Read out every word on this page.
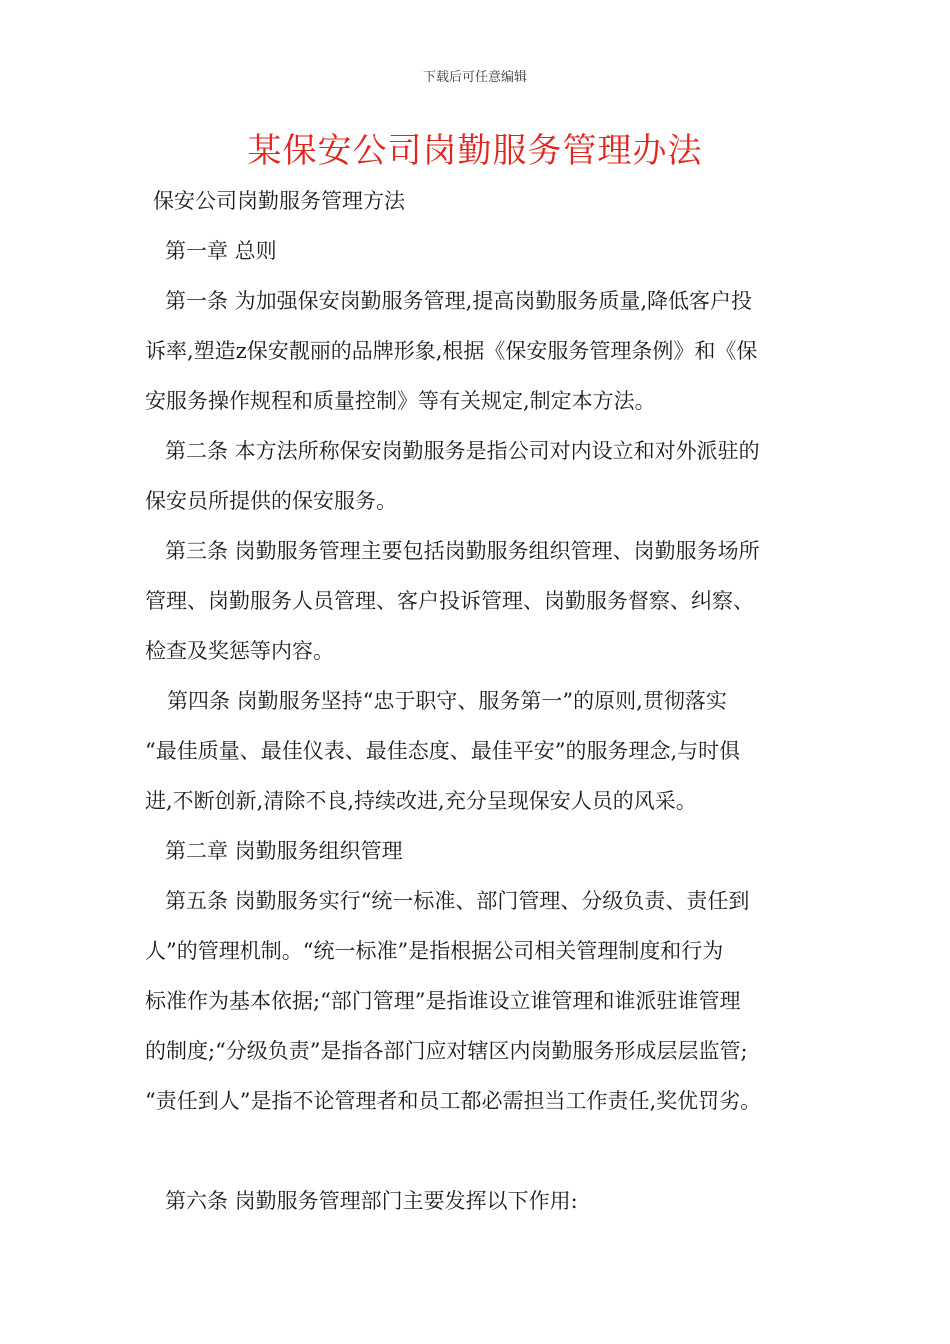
下载后可任意编辑
某保安公司岗勤服务管理办法
保安公司岗勤服务管理方法
第一章 总则
第一条 为加强保安岗勤服务管理,提高岗勤服务质量,降低客户投
诉率,塑造z保安靓丽的品牌形象,根据《保安服务管理条例》和《保
安服务操作规程和质量控制》等有关规定,制定本方法。
第二条 本方法所称保安岗勤服务是指公司对内设立和对外派驻的
保安员所提供的保安服务。
第三条 岗勤服务管理主要包括岗勤服务组织管理、岗勤服务场所
管理、岗勤服务人员管理、客户投诉管理、岗勤服务督察、纠察、
检查及奖惩等内容。
第四条 岗勤服务坚持“忠于职守、服务第一”的原则,贯彻落实
“最佳质量、最佳仪表、最佳态度、最佳平安”的服务理念,与时俱
进,不断创新,清除不良,持续改进,充分呈现保安人员的风采。
第二章 岗勤服务组织管理
第五条 岗勤服务实行“统一标准、部门管理、分级负责、责任到
人”的管理机制。“统一标准”是指根据公司相关管理制度和行为
标准作为基本依据;“部门管理”是指谁设立谁管理和谁派驻谁管理
的制度;“分级负责”是指各部门应对辖区内岗勤服务形成层层监管;
“责任到人”是指不论管理者和员工都必需担当工作责任,奖优罚劣。
第六条 岗勤服务管理部门主要发挥以下作用:
